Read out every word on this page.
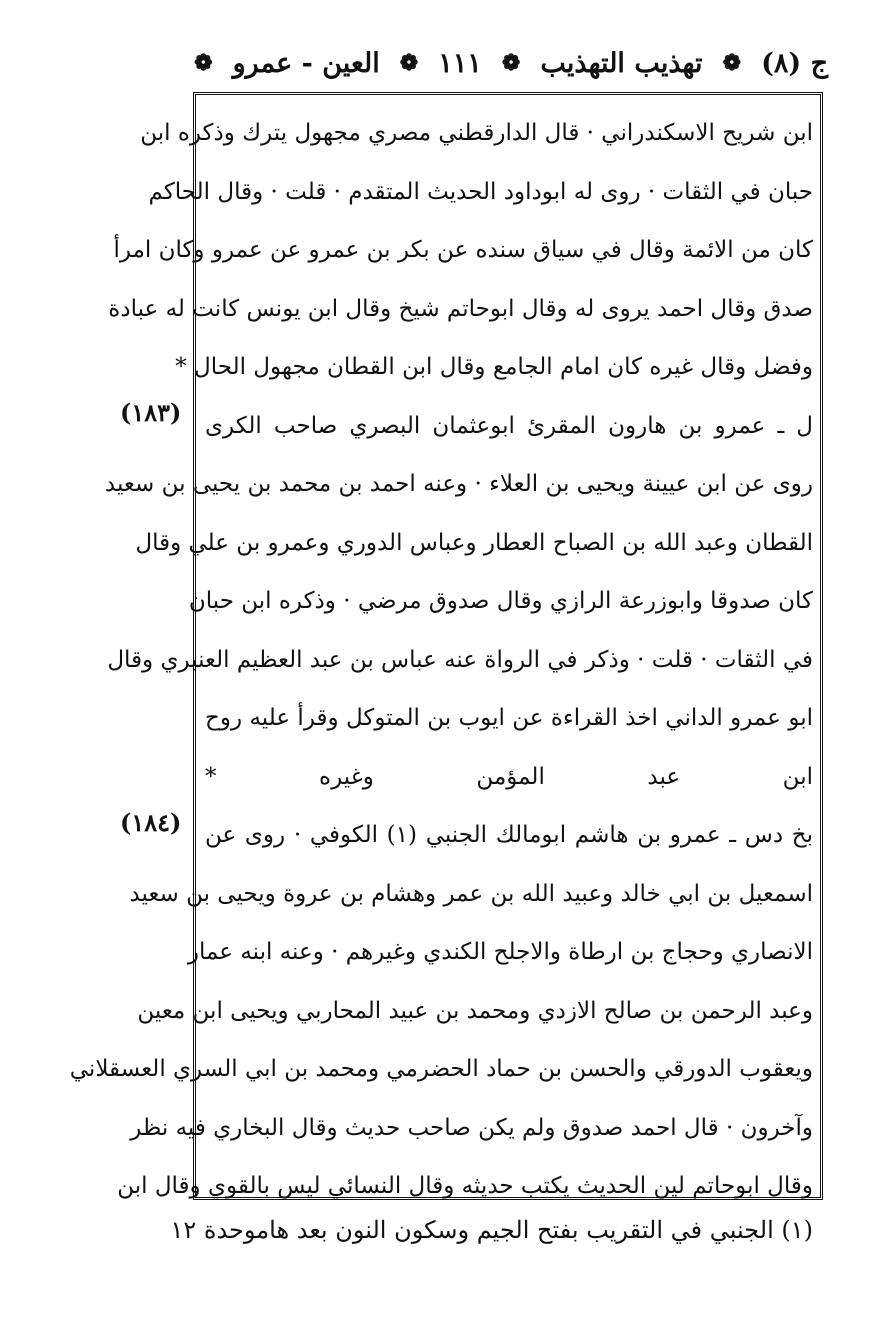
ج (٨)
❁
تهذيب التهذيب
❁
١١١
❁
العين - عمرو
❁
ابن شريح الاسكندراني · قال الدارقطني مصري مجهول يترك وذكره ابن
حبان في الثقات · روى له ابوداود الحديث المتقدم · قلت · وقال الحاكم
كان من الائمة وقال في سياق سنده عن بكر بن عمرو عن عمرو وكان امرأ
صدق وقال احمد يروى له وقال ابوحاتم شيخ وقال ابن يونس كانت له عبادة
وفضل وقال غيره كان امام الجامع وقال ابن القطان مجهول الحال *
ل ـ عمرو بن هارون المقرئ ابوعثمان البصري صاحب الكرى
روى عن ابن عيينة ويحيى بن العلاء · وعنه احمد بن محمد بن يحيى بن سعيد
القطان وعبد الله بن الصباح العطار وعباس الدوري وعمرو بن علي وقال
كان صدوقا وابوزرعة الرازي وقال صدوق مرضي · وذكره ابن حبان
في الثقات · قلت · وذكر في الرواة عنه عباس بن عبد العظيم العنبري وقال
ابو عمرو الداني اخذ القراءة عن ايوب بن المتوكل وقرأ عليه روح
ابن عبد المؤمن وغيره *
بخ دس ـ عمرو بن هاشم ابومالك الجنبي (١) الكوفي · روى عن
اسمعيل بن ابي خالد وعبيد الله بن عمر وهشام بن عروة ويحيى بن سعيد
الانصاري وحجاج بن ارطاة والاجلح الكندي وغيرهم · وعنه ابنه عمار
وعبد الرحمن بن صالح الازدي ومحمد بن عبيد المحاربي ويحيى ابن معين
ويعقوب الدورقي والحسن بن حماد الحضرمي ومحمد بن ابي السري العسقلاني
وآخرون · قال احمد صدوق ولم يكن صاحب حديث وقال البخاري فيه نظر
وقال ابوحاتم لين الحديث يكتب حديثه وقال النسائي ليس بالقوي وقال ابن
(١٨٣)
(١٨٤)
(١) الجنبي في التقريب بفتح الجيم وسكون النون بعد هاموحدة ١٢
